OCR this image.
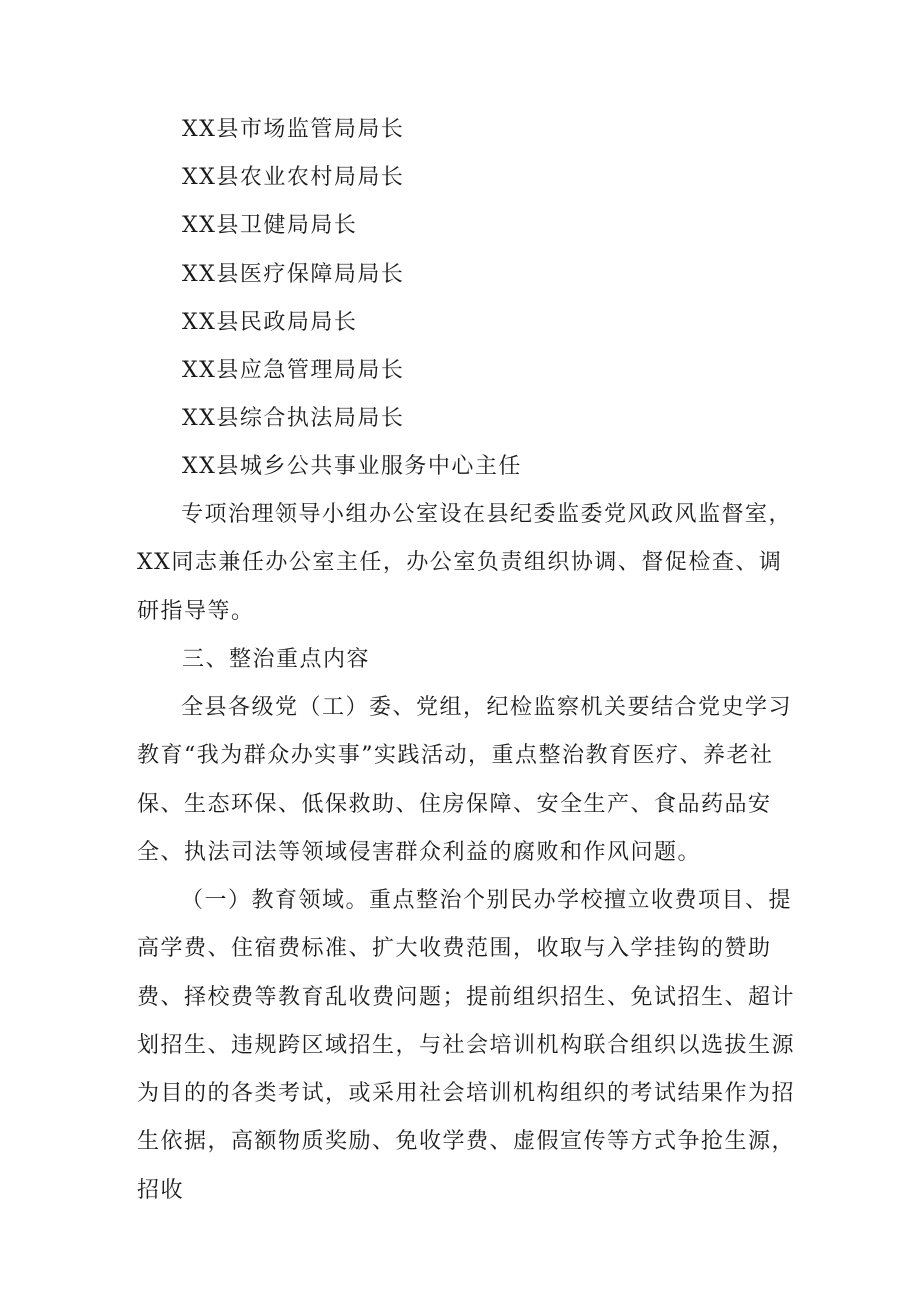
XX县市场监管局局长
XX县农业农村局局长
XX县卫健局局长
XX县医疗保障局局长
XX县民政局局长
XX县应急管理局局长
XX县综合执法局局长
XX县城乡公共事业服务中心主任
专项治理领导小组办公室设在县纪委监委党风政风监督室，XX同志兼任办公室主任，办公室负责组织协调、督促检查、调研指导等。
三、整治重点内容
全县各级党（工）委、党组，纪检监察机关要结合党史学习教育“我为群众办实事”实践活动，重点整治教育医疗、养老社保、生态环保、低保救助、住房保障、安全生产、食品药品安全、执法司法等领域侵害群众利益的腐败和作风问题。
（一）教育领域。重点整治个别民办学校擅立收费项目、提高学费、住宿费标准、扩大收费范围，收取与入学挂钩的赞助费、择校费等教育乱收费问题；提前组织招生、免试招生、超计划招生、违规跨区域招生，与社会培训机构联合组织以选拔生源为目的的各类考试，或采用社会培训机构组织的考试结果作为招生依据，高额物质奖励、免收学费、虚假宣传等方式争抢生源，招收
